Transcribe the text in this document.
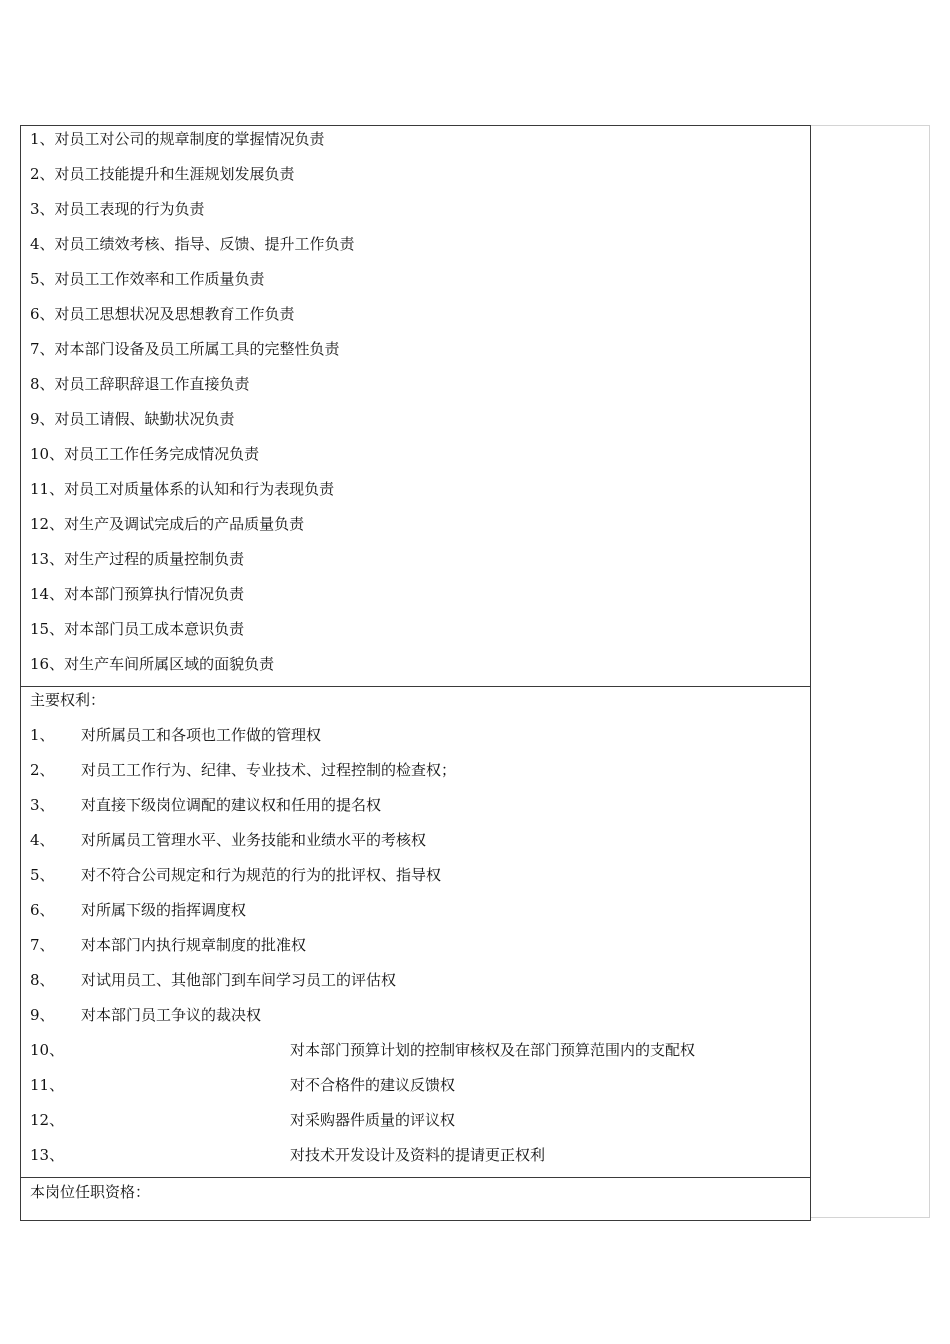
1、对员工对公司的规章制度的掌握情况负责
2、对员工技能提升和生涯规划发展负责
3、对员工表现的行为负责
4、对员工绩效考核、指导、反馈、提升工作负责
5、对员工工作效率和工作质量负责
6、对员工思想状况及思想教育工作负责
7、对本部门设备及员工所属工具的完整性负责
8、对员工辞职辞退工作直接负责
9、对员工请假、缺勤状况负责
10、对员工工作任务完成情况负责
11、对员工对质量体系的认知和行为表现负责
12、对生产及调试完成后的产品质量负责
13、对生产过程的质量控制负责
14、对本部门预算执行情况负责
15、对本部门员工成本意识负责
16、对生产车间所属区域的面貌负责
主要权利：
1、 对所属员工和各项也工作做的管理权
2、 对员工工作行为、纪律、专业技术、过程控制的检查权；
3、 对直接下级岗位调配的建议权和任用的提名权
4、 对所属员工管理水平、业务技能和业绩水平的考核权
5、 对不符合公司规定和行为规范的行为的批评权、指导权
6、 对所属下级的指挥调度权
7、 对本部门内执行规章制度的批准权
8、 对试用员工、其他部门到车间学习员工的评估权
9、 对本部门员工争议的裁决权
10、	对本部门预算计划的控制审核权及在部门预算范围内的支配权
11、	对不合格件的建议反馈权
12、	对采购器件质量的评议权
13、	对技术开发设计及资料的提请更正权利
本岗位任职资格：
